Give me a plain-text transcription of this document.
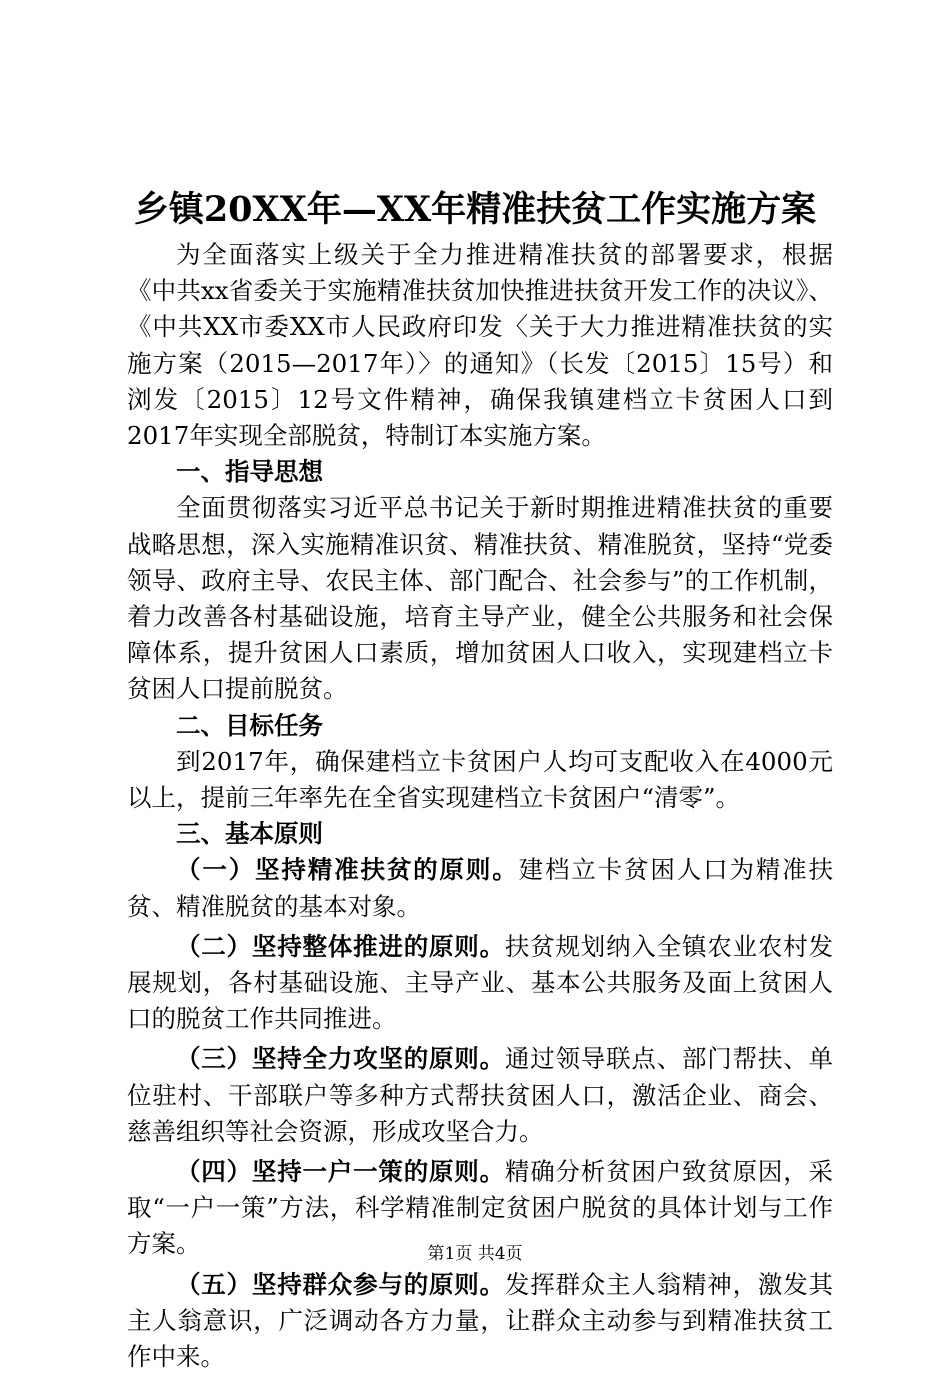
乡镇20XX年—XX年精准扶贫工作实施方案

为全面落实上级关于全力推进精准扶贫的部署要求，根据《中共xx省委关于实施精准扶贫加快推进扶贫开发工作的决议》、《中共XX市委XX市人民政府印发〈关于大力推进精准扶贫的实施方案（2015—2017年）〉的通知》（长发〔2015〕15号）和浏发〔2015〕12号文件精神，确保我镇建档立卡贫困人口到2017年实现全部脱贫，特制订本实施方案。

一、指导思想

全面贯彻落实习近平总书记关于新时期推进精准扶贫的重要战略思想，深入实施精准识贫、精准扶贫、精准脱贫，坚持“党委领导、政府主导、农民主体、部门配合、社会参与”的工作机制，着力改善各村基础设施，培育主导产业，健全公共服务和社会保障体系，提升贫困人口素质，增加贫困人口收入，实现建档立卡贫困人口提前脱贫。

二、目标任务

到2017年，确保建档立卡贫困户人均可支配收入在4000元以上，提前三年率先在全省实现建档立卡贫困户“清零”。

三、基本原则

（一）坚持精准扶贫的原则。建档立卡贫困人口为精准扶贫、精准脱贫的基本对象。

（二）坚持整体推进的原则。扶贫规划纳入全镇农业农村发展规划，各村基础设施、主导产业、基本公共服务及面上贫困人口的脱贫工作共同推进。

（三）坚持全力攻坚的原则。通过领导联点、部门帮扶、单位驻村、干部联户等多种方式帮扶贫困人口，激活企业、商会、慈善组织等社会资源，形成攻坚合力。

（四）坚持一户一策的原则。精确分析贫困户致贫原因，采取“一户一策”方法，科学精准制定贫困户脱贫的具体计划与工作方案。

（五）坚持群众参与的原则。发挥群众主人翁精神，激发其主人翁意识，广泛调动各方力量，让群众主动参与到精准扶贫工作中来。

第1页 共4页
